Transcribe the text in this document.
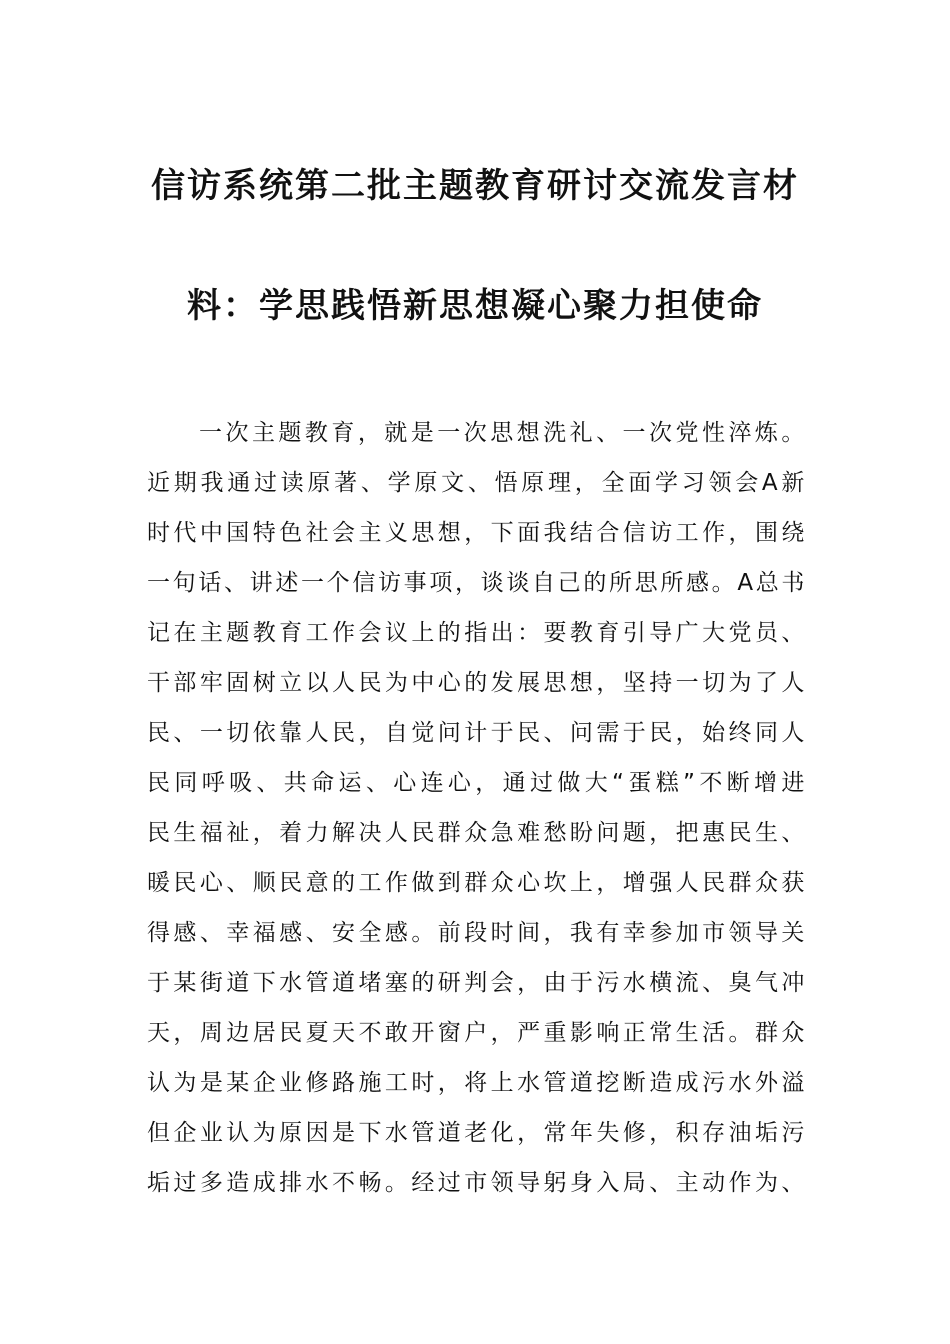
信访系统第二批主题教育研讨交流发言材
料：学思践悟新思想凝心聚力担使命
一次主题教育，就是一次思想洗礼、一次党性淬炼。
近期我通过读原著、学原文、悟原理，全面学习领会A新
时代中国特色社会主义思想，下面我结合信访工作，围绕
一句话、讲述一个信访事项，谈谈自己的所思所感。A总书
记在主题教育工作会议上的指出：要教育引导广大党员、
干部牢固树立以人民为中心的发展思想，坚持一切为了人
民、一切依靠人民，自觉问计于民、问需于民，始终同人
民同呼吸、共命运、心连心，通过做大“蛋糕”不断增进
民生福祉，着力解决人民群众急难愁盼问题，把惠民生、
暖民心、顺民意的工作做到群众心坎上，增强人民群众获
得感、幸福感、安全感。前段时间，我有幸参加市领导关
于某街道下水管道堵塞的研判会，由于污水横流、臭气冲
天，周边居民夏天不敢开窗户，严重影响正常生活。群众
认为是某企业修路施工时，将上水管道挖断造成污水外溢
但企业认为原因是下水管道老化，常年失修，积存油垢污
垢过多造成排水不畅。经过市领导躬身入局、主动作为、
